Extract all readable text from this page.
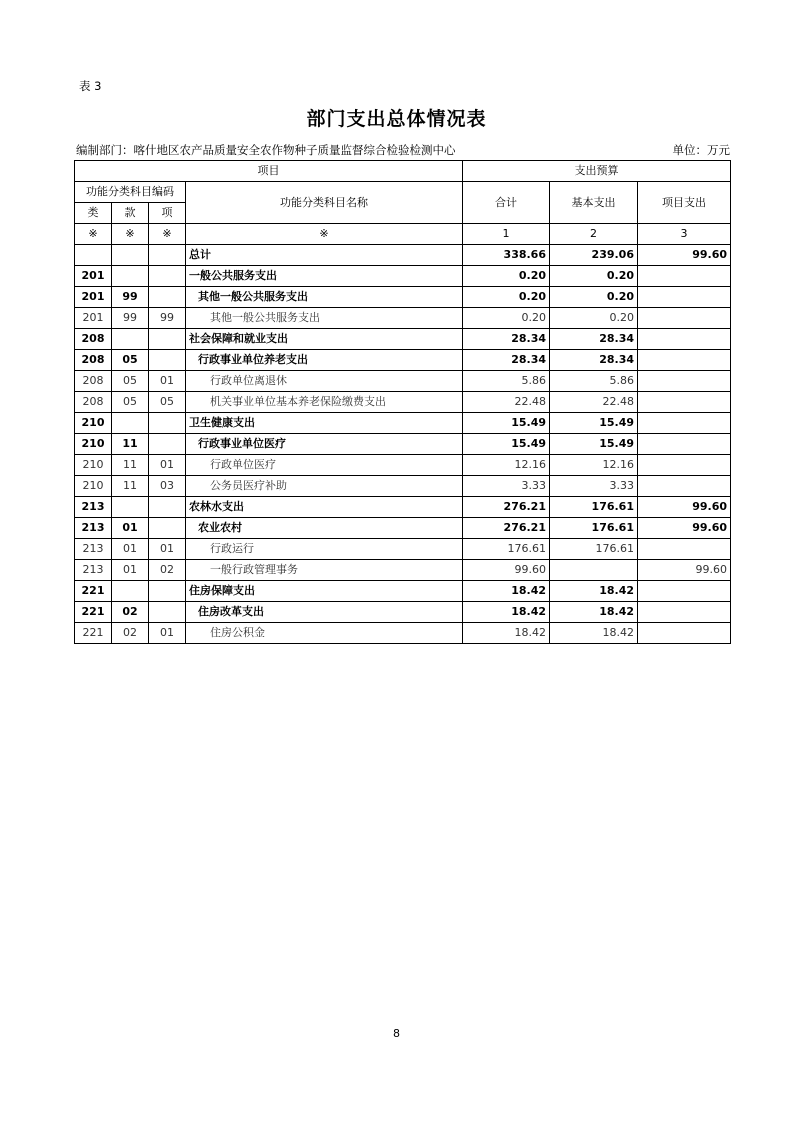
表 3
部门支出总体情况表
编制部门：喀什地区农产品质量安全农作物种子质量监督综合检验检测中心	单位：万元
项目				支出预算		
功能分类科目编码			功能分类科目名称	合计	基本支出	项目支出
类	款	项				
※	※	※	※	1	2	3
			总计	338.66	239.06	99.60
201			一般公共服务支出	0.20	0.20	
201	99		其他一般公共服务支出	0.20	0.20	
201	99	99	其他一般公共服务支出	0.20	0.20	
208			社会保障和就业支出	28.34	28.34	
208	05		行政事业单位养老支出	28.34	28.34	
208	05	01	行政单位离退休	5.86	5.86	
208	05	05	机关事业单位基本养老保险缴费支出	22.48	22.48	
210			卫生健康支出	15.49	15.49	
210	11		行政事业单位医疗	15.49	15.49	
210	11	01	行政单位医疗	12.16	12.16	
210	11	03	公务员医疗补助	3.33	3.33	
213			农林水支出	276.21	176.61	99.60
213	01		农业农村	276.21	176.61	99.60
213	01	01	行政运行	176.61	176.61	
213	01	02	一般行政管理事务	99.60		99.60
221			住房保障支出	18.42	18.42	
221	02		住房改革支出	18.42	18.42	
221	02	01	住房公积金	18.42	18.42	
8
